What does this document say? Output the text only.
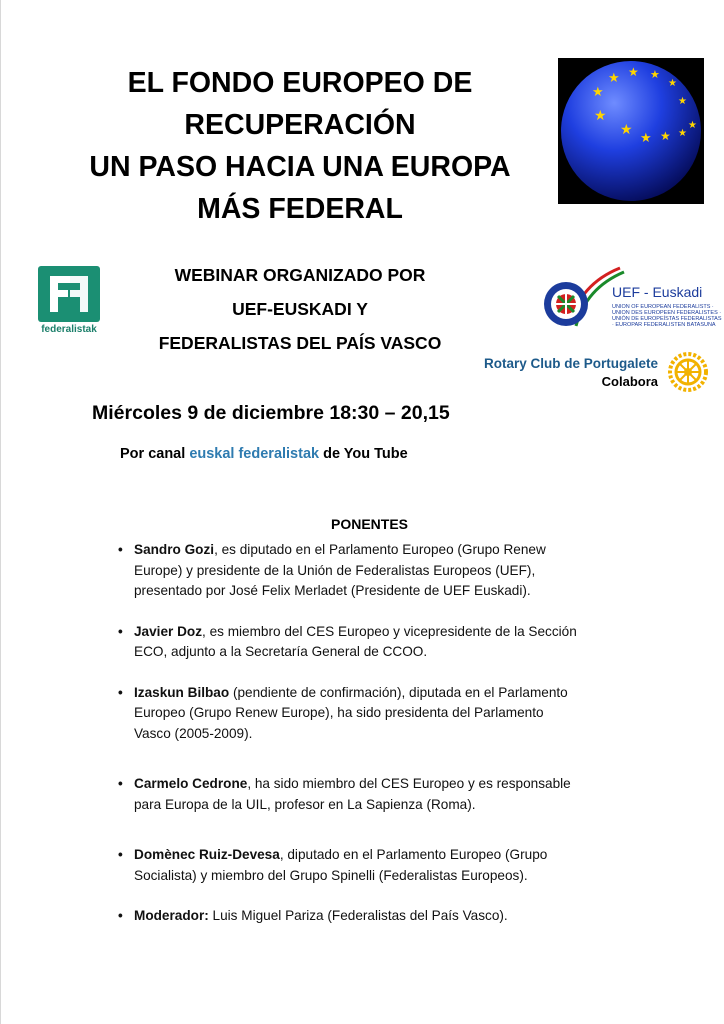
EL FONDO EUROPEO DE
RECUPERACIÓN
UN PASO HACIA UNA EUROPA
MÁS FEDERAL
★ ★ ★
★
★
★
★
★
★
★ ★ ★
federalistak
WEBINAR ORGANIZADO POR
UEF-EUSKADI Y
FEDERALISTAS DEL PAÍS VASCO
UEF - Euskadi
UNION OF EUROPEAN FEDERALISTS · UNION DES EUROPEEN FEDERALISTES · UNIÓN DE EUROPEÍSTAS FEDERALISTAS · EUROPAR FEDERALISTEN BATASUNA
Rotary Club de Portugalete
Colabora
Miércoles 9 de diciembre 18:30 – 20,15
Por canal euskal federalistak de You Tube
PONENTES
• Sandro Gozi, es diputado en el Parlamento Europeo (Grupo Renew Europe) y presidente de la Unión de Federalistas Europeos (UEF), presentado por José Felix Merladet (Presidente de UEF Euskadi).
• Javier Doz, es miembro del CES Europeo y vicepresidente de la Sección ECO, adjunto a la Secretaría General de CCOO.
• Izaskun Bilbao (pendiente de confirmación), diputada en el Parlamento Europeo (Grupo Renew Europe), ha sido presidenta del Parlamento Vasco (2005-2009).
• Carmelo Cedrone, ha sido miembro del CES Europeo y es responsable para Europa de la UIL, profesor en La Sapienza (Roma).
• Domènec Ruiz-Devesa, diputado en el Parlamento Europeo (Grupo Socialista) y miembro del Grupo Spinelli (Federalistas Europeos).
• Moderador: Luis Miguel Pariza (Federalistas del País Vasco).
